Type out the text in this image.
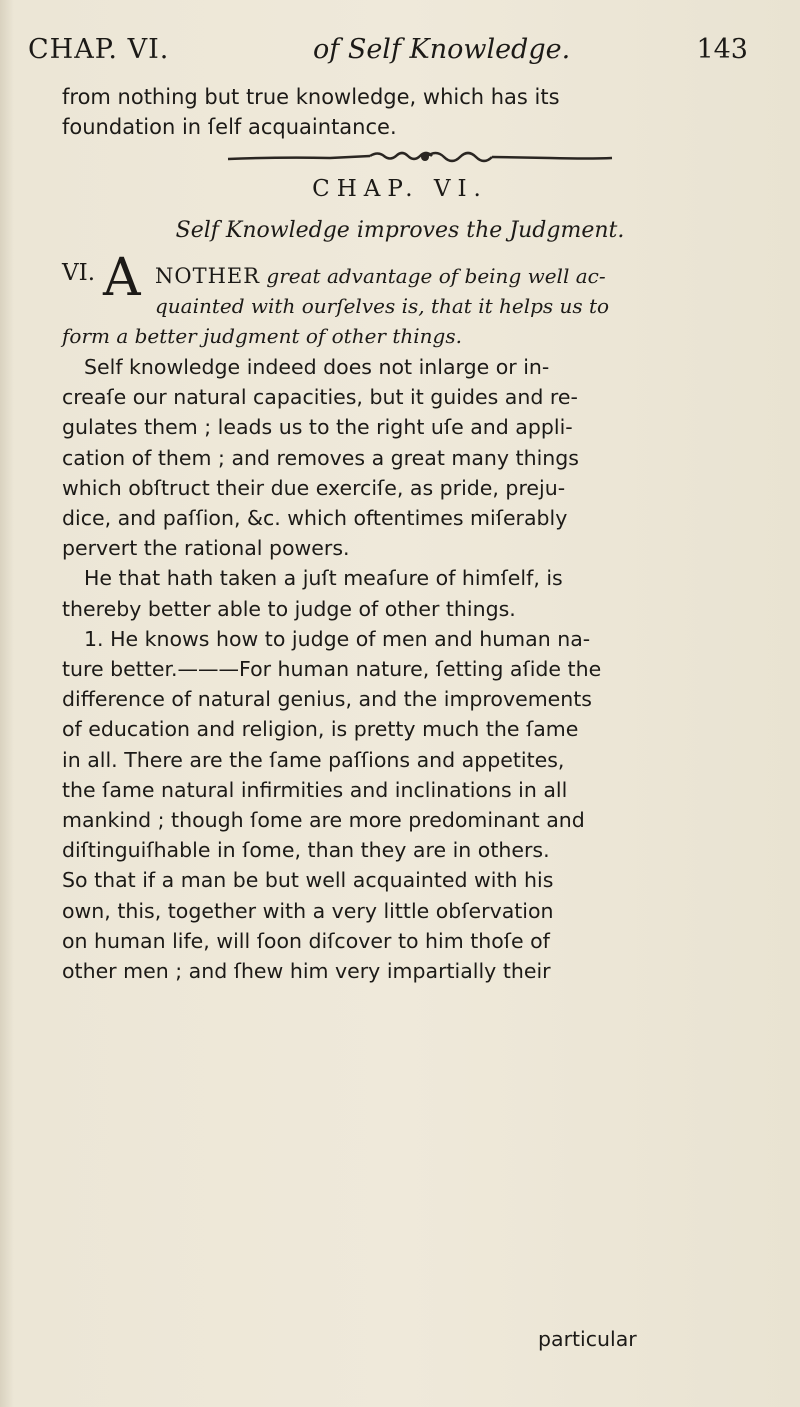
CHAP. VI.	of Self Knowledge.	143
from nothing but true knowledge, which has its
foundation in ſelf acquaintance.
CHAP. VI.
Self Knowledge improves the Judgment.
VI. A NOTHER great advantage of being well ac-
quainted with ourſelves is, that it helps us to
form a better judgment of other things.
Self knowledge indeed does not inlarge or in-
creaſe our natural capacities, but it guides and re-
gulates them ; leads us to the right uſe and appli-
cation of them ; and removes a great many things
which obſtruct their due exerciſe, as pride, preju-
dice, and paſſion, &c. which oftentimes miſerably
pervert the rational powers.
He that hath taken a juſt meaſure of himſelf, is
thereby better able to judge of other things.
1. He knows how to judge of men and human na-
ture better.———For human nature, ſetting aſide the
difference of natural genius, and the improvements
of education and religion, is pretty much the ſame
in all. There are the ſame paſſions and appetites,
the ſame natural infirmities and inclinations in all
mankind ; though ſome are more predominant and
diſtinguiſhable in ſome, than they are in others.
So that if a man be but well acquainted with his
own, this, together with a very little obſervation
on human life, will ſoon diſcover to him thoſe of
other men ; and ſhew him very impartially their
particular
